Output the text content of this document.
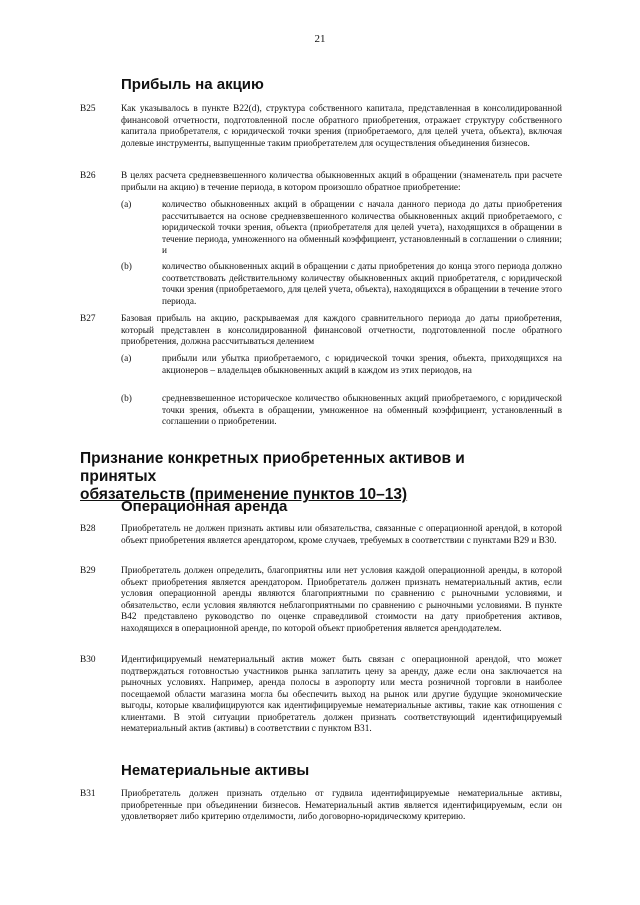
21
Прибыль на акцию
B25	Как указывалось в пункте B22(d), структура собственного капитала, представленная в консолидированной финансовой отчетности, подготовленной после обратного приобретения, отражает структуру собственного капитала приобретателя, с юридической точки зрения (приобретаемого, для целей учета, объекта), включая долевые инструменты, выпущенные таким приобретателем для осуществления объединения бизнесов.

B26	В целях расчета средневзвешенного количества обыкновенных акций в обращении (знаменатель при расчете прибыли на акцию) в течение периода, в котором произошло обратное приобретение:

(a)	количество обыкновенных акций в обращении с начала данного периода до даты приобретения рассчитывается на основе средневзвешенного количества обыкновенных акций приобретаемого, с юридической точки зрения, объекта (приобретателя для целей учета), находящихся в обращении в течение периода, умноженного на обменный коэффициент, установленный в соглашении о слиянии; и

(b)	количество обыкновенных акций в обращении с даты приобретения до конца этого периода должно соответствовать действительному количеству обыкновенных акций приобретателя, с юридической точки зрения (приобретаемого, для целей учета, объекта), находящихся в обращении в течение этого периода.

B27	Базовая прибыль на акцию, раскрываемая для каждого сравнительного периода до даты приобретения, который представлен в консолидированной финансовой отчетности, подготовленной после обратного приобретения, должна рассчитываться делением

(a)	прибыли или убытка приобретаемого, с юридической точки зрения, объекта, приходящихся на акционеров – владельцев обыкновенных акций в каждом из этих периодов, на

(b)	средневзвешенное историческое количество обыкновенных акций приобретаемого, с юридической точки зрения, объекта в обращении, умноженное на обменный коэффициент, установленный в соглашении о приобретении.

Признание конкретных приобретенных активов и принятых
обязательств (применение пунктов 10–13)
Операционная аренда
B28	Приобретатель не должен признать активы или обязательства, связанные с операционной арендой, в которой объект приобретения является арендатором, кроме случаев, требуемых в соответствии с пунктами B29 и B30.

B29	Приобретатель должен определить, благоприятны или нет условия каждой операционной аренды, в которой объект приобретения является арендатором. Приобретатель должен признать нематериальный актив, если условия операционной аренды являются благоприятными по сравнению с рыночными условиями, и обязательство, если условия являются неблагоприятными по сравнению с рыночными условиями. В пункте B42 представлено руководство по оценке справедливой стоимости на дату приобретения активов, находящихся в операционной аренде, по которой объект приобретения является арендодателем.

B30	Идентифицируемый нематериальный актив может быть связан с операционной арендой, что может подтверждаться готовностью участников рынка заплатить цену за аренду, даже если она заключается на рыночных условиях. Например, аренда полосы в аэропорту или места розничной торговли в наиболее посещаемой области магазина могла бы обеспечить выход на рынок или другие будущие экономические выгоды, которые квалифицируются как идентифицируемые нематериальные активы, такие как отношения с клиентами. В этой ситуации приобретатель должен признать соответствующий идентифицируемый нематериальный актив (активы) в соответствии с пунктом B31.

Нематериальные активы
B31	Приобретатель должен признать отдельно от гудвила идентифицируемые нематериальные активы, приобретенные при объединении бизнесов. Нематериальный актив является идентифицируемым, если он удовлетворяет либо критерию отделимости, либо договорно-юридическому критерию.
